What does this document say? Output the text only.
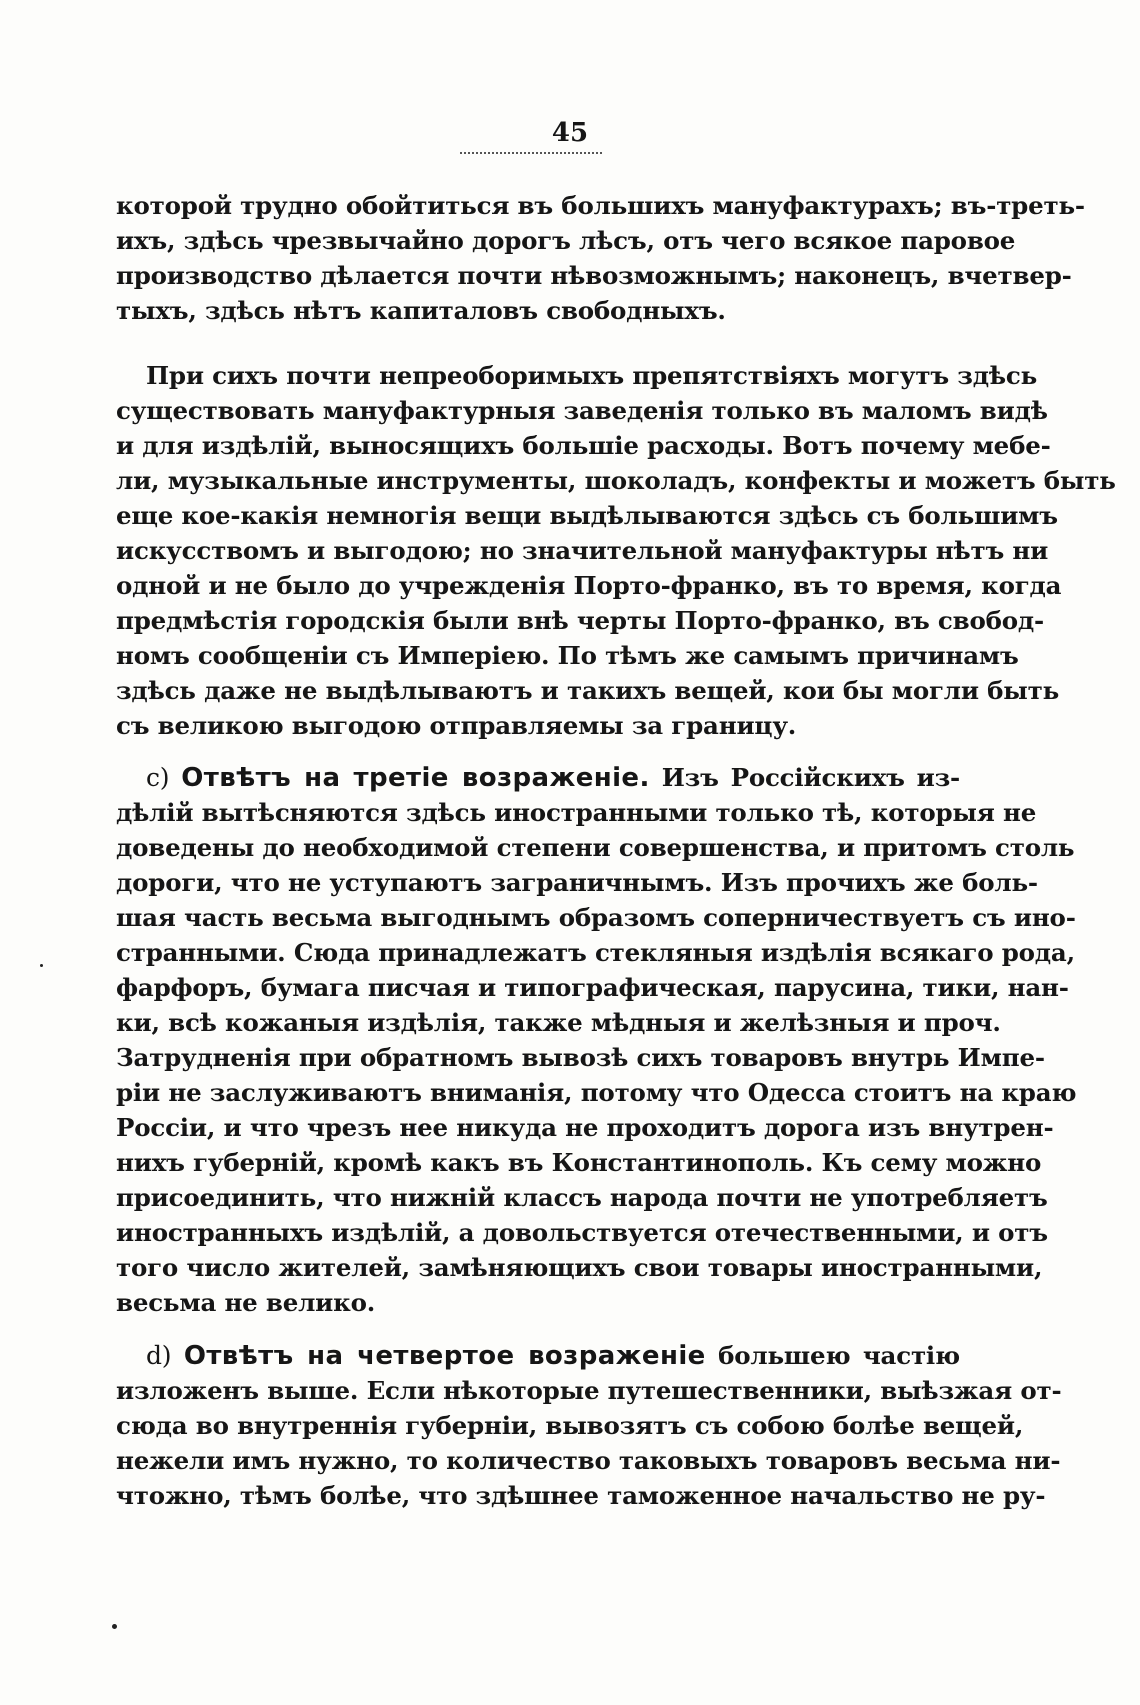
45
которой трудно обойтиться въ большихъ мануфактурахъ; въ-треть-
ихъ, здѣсь чрезвычайно дорогъ лѣсъ, отъ чего всякое паровое
производство дѣлается почти нѣвозможнымъ; наконецъ, вчетвер-
тыхъ, здѣсь нѣтъ капиталовъ свободныхъ.
При сихъ почти непреоборимыхъ препятствіяхъ могутъ здѣсь
существовать мануфактурныя заведенія только въ маломъ видѣ
и для издѣлій, выносящихъ большіе расходы. Вотъ почему мебе-
ли, музыкальные инструменты, шоколадъ, конфекты и можетъ быть
еще кое-какія немногія вещи выдѣлываются здѣсь съ большимъ
искусствомъ и выгодою; но значительной мануфактуры нѣтъ ни
одной и не было до учрежденія Порто-франко, въ то время, когда
предмѣстія городскія были внѣ черты Порто-франко, въ свобод-
номъ сообщеніи съ Имперіею. По тѣмъ же самымъ причинамъ
здѣсь даже не выдѣлываютъ и такихъ вещей, кои бы могли быть
съ великою выгодою отправляемы за границу.
c) Отвѣтъ на третіе возраженіе. Изъ Россійскихъ из-
дѣлій вытѣсняются здѣсь иностранными только тѣ, которыя не
доведены до необходимой степени совершенства, и притомъ столь
дороги, что не уступаютъ заграничнымъ. Изъ прочихъ же боль-
шая часть весьма выгоднымъ образомъ соперничествуетъ съ ино-
странными. Сюда принадлежатъ стекляныя издѣлія всякаго рода,
фарфоръ, бумага писчая и типографическая, парусина, тики, нан-
ки, всѣ кожаныя издѣлія, также мѣдныя и желѣзныя и проч.
Затрудненія при обратномъ вывозѣ сихъ товаровъ внутрь Импе-
ріи не заслуживаютъ вниманія, потому что Одесса стоитъ на краю
Россіи, и что чрезъ нее никуда не проходитъ дорога изъ внутрен-
нихъ губерній, кромѣ какъ въ Константинополь. Къ сему можно
присоединить, что нижній классъ народа почти не употребляетъ
иностранныхъ издѣлій, а довольствуется отечественными, и отъ
того число жителей, замѣняющихъ свои товары иностранными,
весьма не велико.
d) Отвѣтъ на четвертое возраженіе большею частію
изложенъ выше. Если нѣкоторые путешественники, выѣзжая от-
сюда во внутреннія губерніи, вывозятъ съ собою болѣе вещей,
нежели имъ нужно, то количество таковыхъ товаровъ весьма ни-
чтожно, тѣмъ болѣе, что здѣшнее таможенное начальство не ру-
